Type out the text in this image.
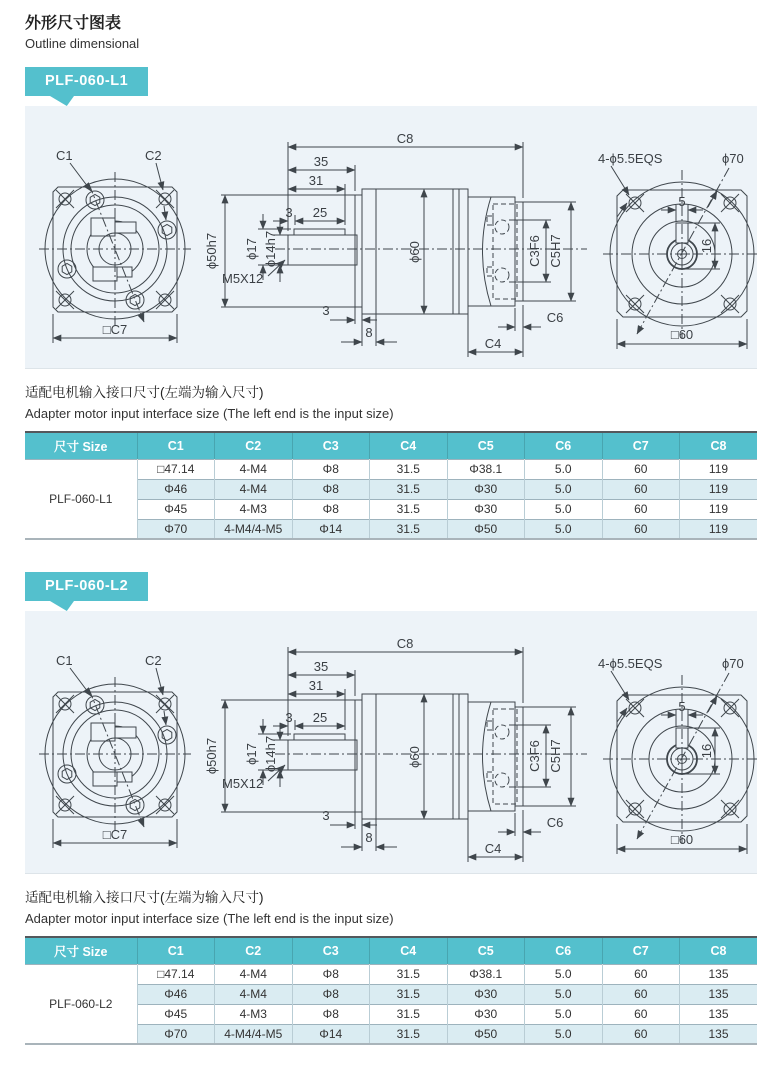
外形尺寸图表
Outline dimensional
PLF-060-L1
C1	C2
□C7
C8
35
31
3 25
ϕ17 ϕ14h7
ϕ50h7
M5X12
ϕ60	C3F6 C5H7
3
8
C4
C6
4-ϕ5.5EQS	ϕ70
5
16
□60
适配电机输入接口尺寸(左端为输入尺寸)
Adapter motor input interface size (The left end is the input size)
尺寸 Size	C1	C2	C3	C4	C5	C6	C7	C8
PLF-060-L1	□47.14	4-M4	Φ8	31.5	Φ38.1	5.0	60	119
	Φ46	4-M4	Φ8	31.5	Φ30	5.0	60	119
	Φ45	4-M3	Φ8	31.5	Φ30	5.0	60	119
	Φ70	4-M4/4-M5	Φ14	31.5	Φ50	5.0	60	119
PLF-060-L2
C1	C2
□C7
C8
35
31
3 25
ϕ17 ϕ14h7
ϕ50h7
M5X12
ϕ60	C3F6 C5H7
3
8
C4
C6
4-ϕ5.5EQS	ϕ70
5
16
□60
适配电机输入接口尺寸(左端为输入尺寸)
Adapter motor input interface size (The left end is the input size)
尺寸 Size	C1	C2	C3	C4	C5	C6	C7	C8
PLF-060-L2	□47.14	4-M4	Φ8	31.5	Φ38.1	5.0	60	135
	Φ46	4-M4	Φ8	31.5	Φ30	5.0	60	135
	Φ45	4-M3	Φ8	31.5	Φ30	5.0	60	135
	Φ70	4-M4/4-M5	Φ14	31.5	Φ50	5.0	60	135
